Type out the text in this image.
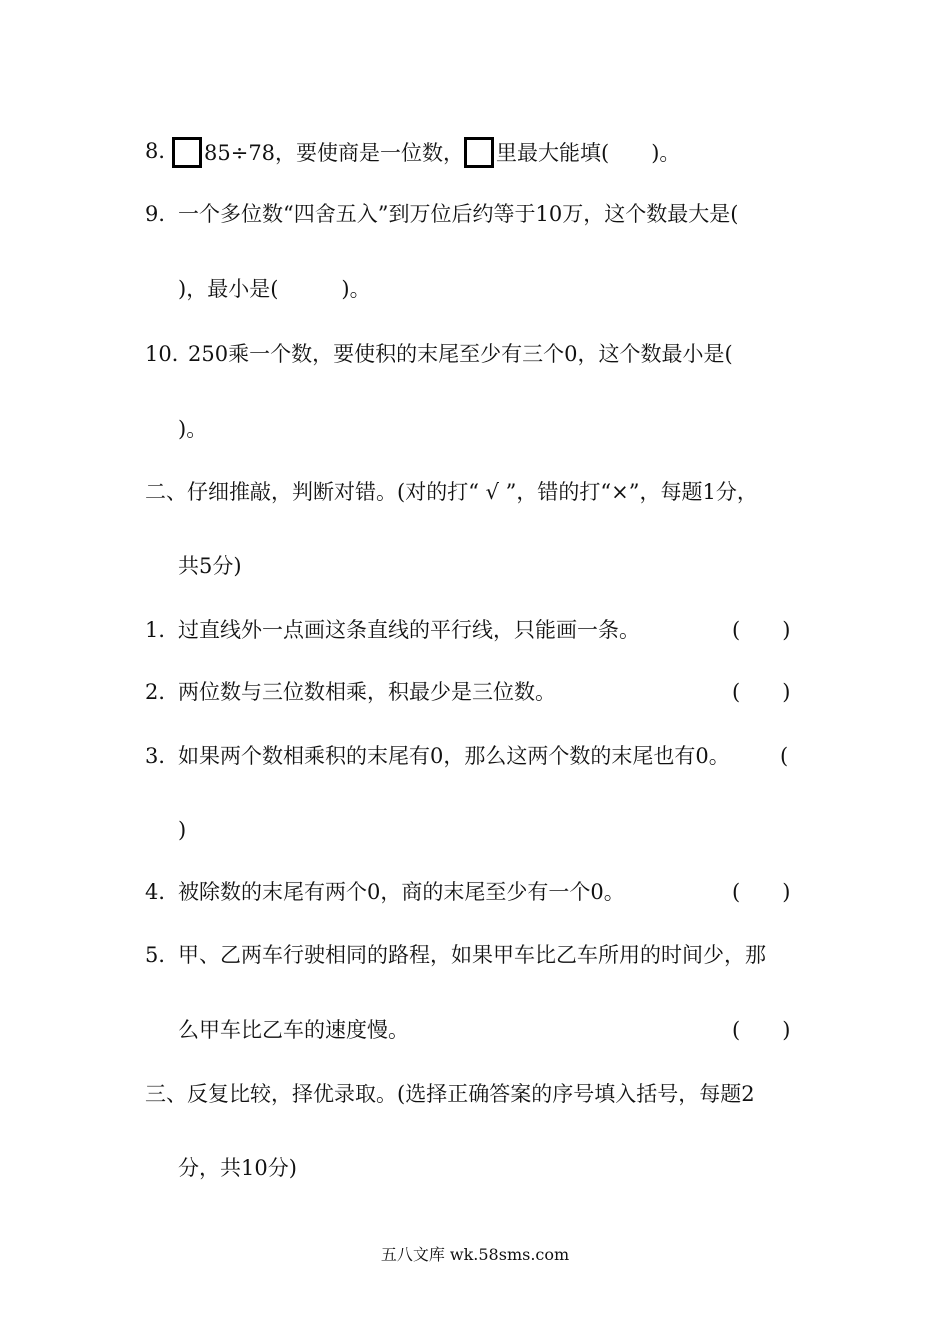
8．	85÷78，要使商是一位数， 里最大能填(　　)。
9．
一个多位数“四舍五入”到万位后约等于10万，这个数最大是(
)，最小是(　　　)。
10．
250乘一个数，要使积的末尾至少有三个0，这个数最小是(
)。
二、仔细推敲，判断对错。(对的打“ √ ”，错的打“×”，每题1分，
共5分)
1．
过直线外一点画这条直线的平行线，只能画一条。	(　　)
2．
两位数与三位数相乘，积最少是三位数。	(　　)
3．
如果两个数相乘积的末尾有0，那么这两个数的末尾也有0。 (
)
4．
被除数的末尾有两个0，商的末尾至少有一个0。	(　　)
5．
甲、乙两车行驶相同的路程，如果甲车比乙车所用的时间少，那
么甲车比乙车的速度慢。	(　　)
三、反复比较，择优录取。(选择正确答案的序号填入括号，每题2
分，共10分)
五八文库 wk.58sms.com
